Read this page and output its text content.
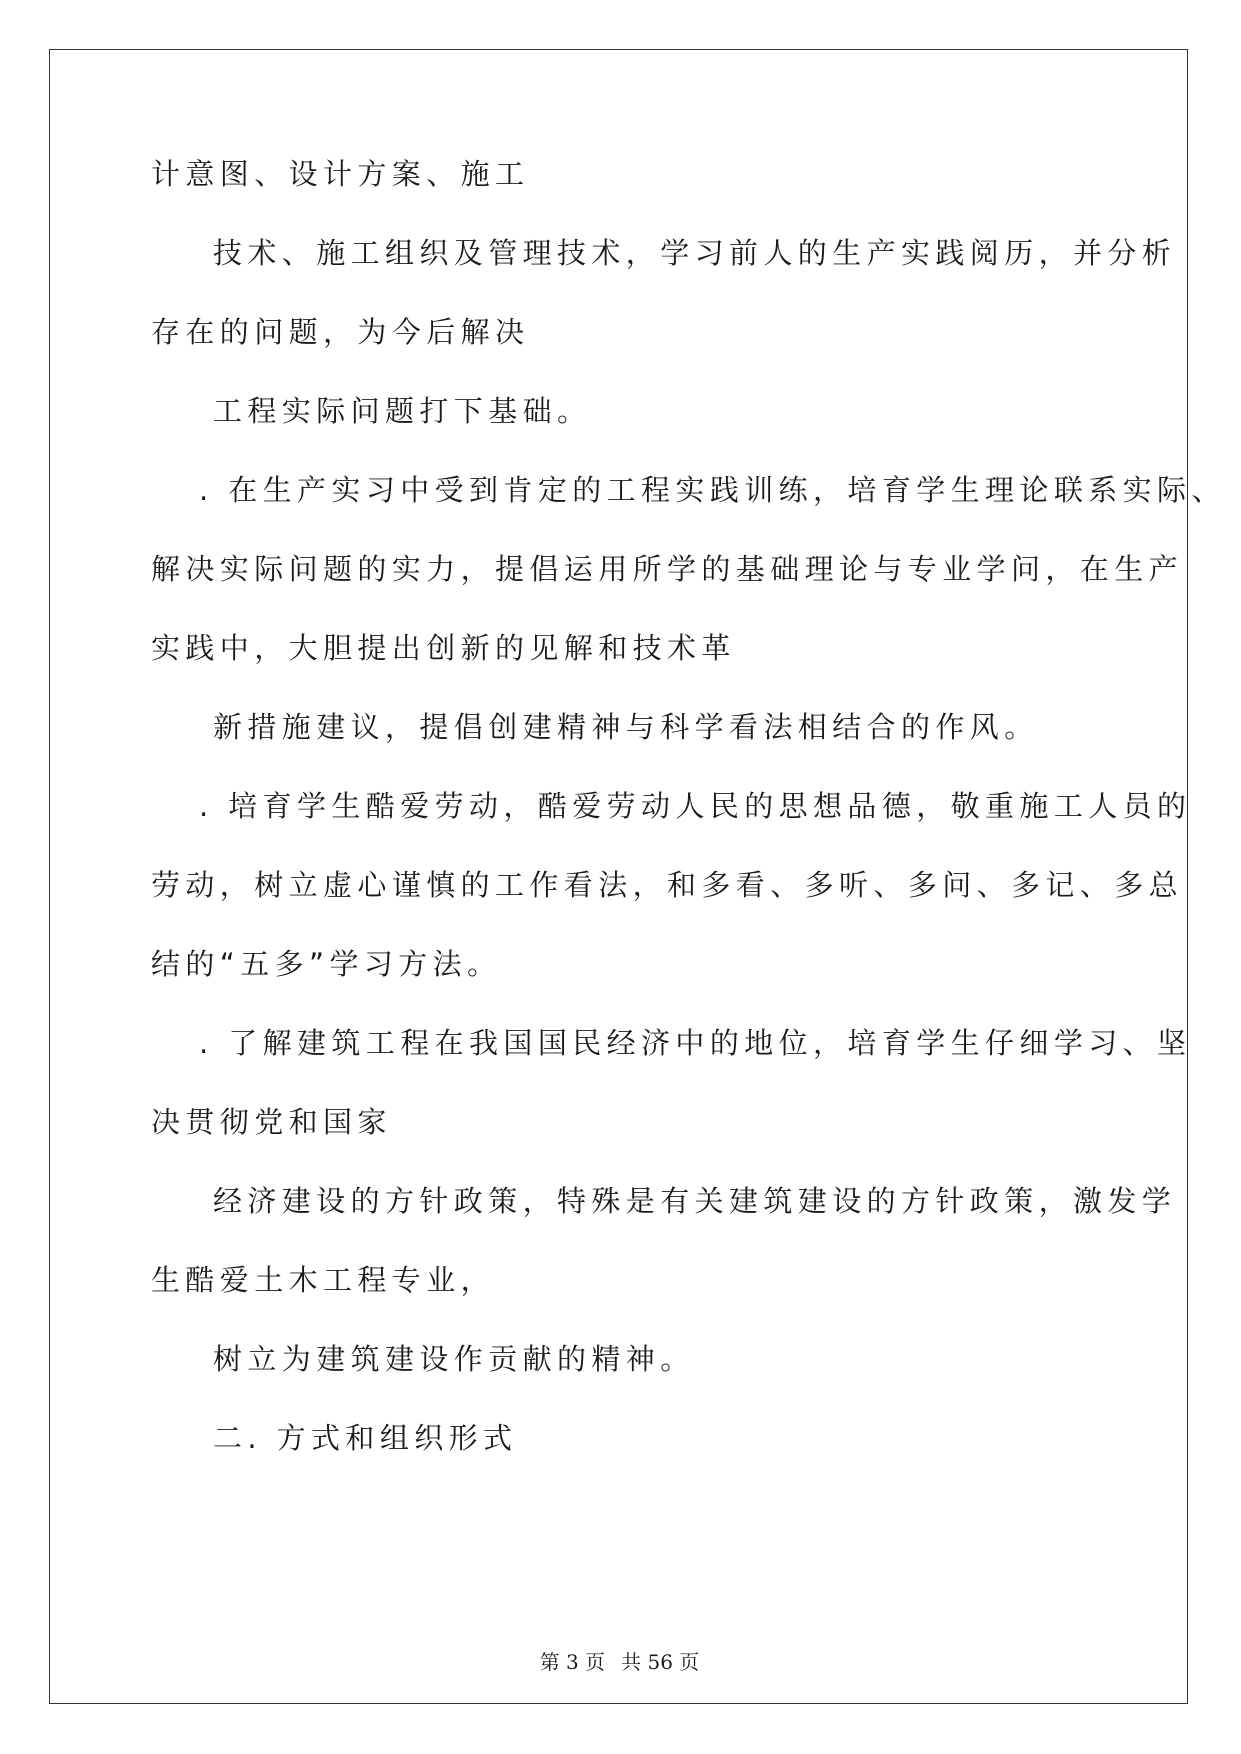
计意图、设计方案、施工

技术、施工组织及管理技术，学习前人的生产实践阅历，并分析

存在的问题，为今后解决

工程实际问题打下基础。

. 在生产实习中受到肯定的工程实践训练，培育学生理论联系实际、

解决实际问题的实力，提倡运用所学的基础理论与专业学问，在生产

实践中，大胆提出创新的见解和技术革

新措施建议，提倡创建精神与科学看法相结合的作风。

. 培育学生酷爱劳动，酷爱劳动人民的思想品德，敬重施工人员的

劳动，树立虚心谨慎的工作看法，和多看、多听、多问、多记、多总

结的“五多”学习方法。

. 了解建筑工程在我国国民经济中的地位，培育学生仔细学习、坚

决贯彻党和国家

经济建设的方针政策，特殊是有关建筑建设的方针政策，激发学

生酷爱土木工程专业，

树立为建筑建设作贡献的精神。

二. 方式和组织形式

第 3 页 共 56 页
